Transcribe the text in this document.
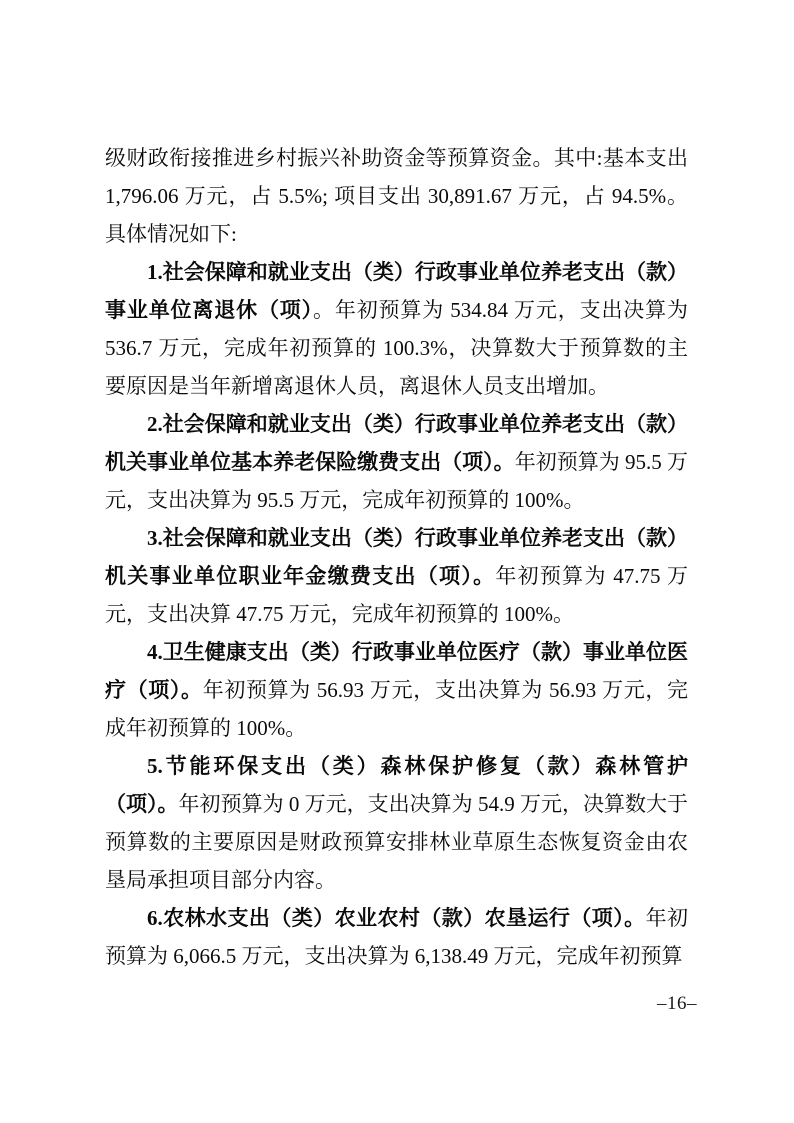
级财政衔接推进乡村振兴补助资金等预算资金。其中:基本支出 1,796.06 万元，占 5.5%; 项目支出 30,891.67 万元，占 94.5%。具体情况如下:

1.社会保障和就业支出（类）行政事业单位养老支出（款）事业单位离退休（项）。年初预算为 534.84 万元，支出决算为 536.7 万元，完成年初预算的 100.3%，决算数大于预算数的主要原因是当年新增离退休人员，离退休人员支出增加。

2.社会保障和就业支出（类）行政事业单位养老支出（款）机关事业单位基本养老保险缴费支出（项）。年初预算为 95.5 万元，支出决算为 95.5 万元，完成年初预算的 100%。

3.社会保障和就业支出（类）行政事业单位养老支出（款）机关事业单位职业年金缴费支出（项）。年初预算为 47.75 万元，支出决算 47.75 万元，完成年初预算的 100%。

4.卫生健康支出（类）行政事业单位医疗（款）事业单位医疗（项）。年初预算为 56.93 万元，支出决算为 56.93 万元，完成年初预算的 100%。

5.节能环保支出（类）森林保护修复（款）森林管护（项）。年初预算为 0 万元，支出决算为 54.9 万元，决算数大于预算数的主要原因是财政预算安排林业草原生态恢复资金由农垦局承担项目部分内容。

6.农林水支出（类）农业农村（款）农垦运行（项）。年初预算为 6,066.5 万元，支出决算为 6,138.49 万元，完成年初预算

–16–
